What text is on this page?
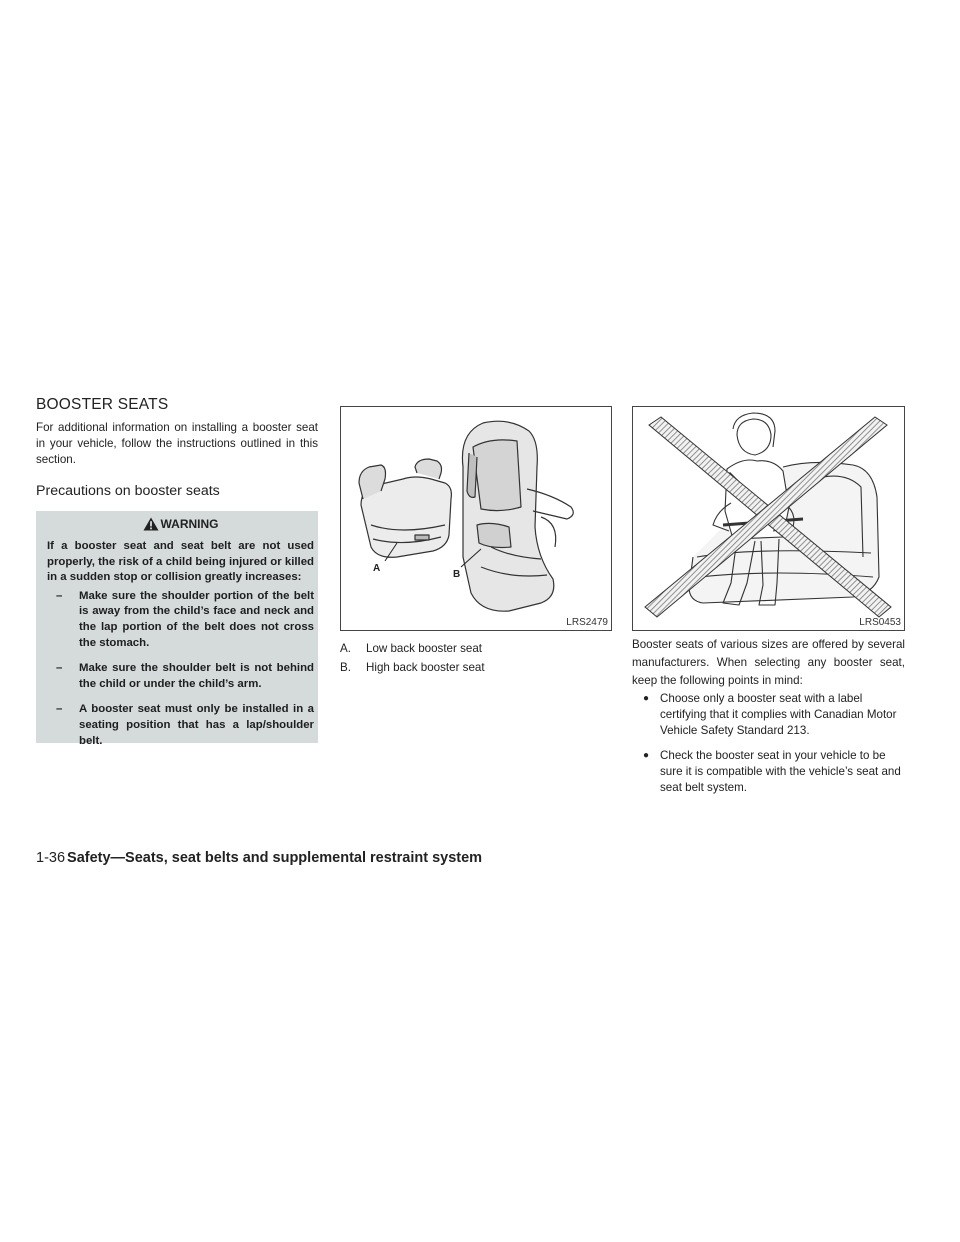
BOOSTER SEATS
For additional information on installing a booster seat in your vehicle, follow the instructions outlined in this section.
Precautions on booster seats
WARNING
If a booster seat and seat belt are not used properly, the risk of a child being injured or killed in a sudden stop or collision greatly increases:
– Make sure the shoulder portion of the belt is away from the child’s face and neck and the lap portion of the belt does not cross the stomach.
– Make sure the shoulder belt is not behind the child or under the child’s arm.
– A booster seat must only be installed in a seating position that has a lap/shoulder belt.
A
B
LRS2479
A. Low back booster seat
B. High back booster seat
LRS0453
Booster seats of various sizes are offered by several manufacturers. When selecting any booster seat, keep the following points in mind:
● Choose only a booster seat with a label certifying that it complies with Canadian Motor Vehicle Safety Standard 213.
● Check the booster seat in your vehicle to be sure it is compatible with the vehicle’s seat and seat belt system.
1-36 Safety—Seats, seat belts and supplemental restraint system
